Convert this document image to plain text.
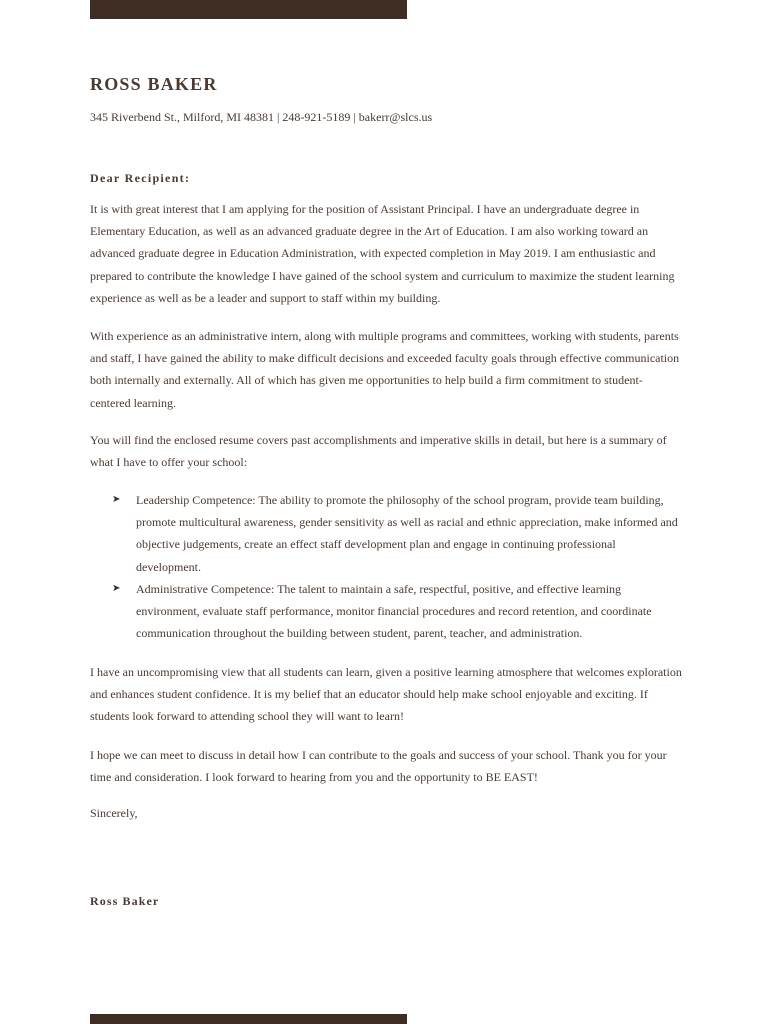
ROSS BAKER

345 Riverbend St., Milford, MI 48381 | 248-921-5189 | bakerr@slcs.us

Dear Recipient:

It is with great interest that I am applying for the position of Assistant Principal. I have an undergraduate degree in Elementary Education, as well as an advanced graduate degree in the Art of Education. I am also working toward an advanced graduate degree in Education Administration, with expected completion in May 2019. I am enthusiastic and prepared to contribute the knowledge I have gained of the school system and curriculum to maximize the student learning experience as well as be a leader and support to staff within my building.

With experience as an administrative intern, along with multiple programs and committees, working with students, parents and staff, I have gained the ability to make difficult decisions and exceeded faculty goals through effective communication both internally and externally. All of which has given me opportunities to help build a firm commitment to student-centered learning.

You will find the enclosed resume covers past accomplishments and imperative skills in detail, but here is a summary of what I have to offer your school:

➤ Leadership Competence: The ability to promote the philosophy of the school program, provide team building, promote multicultural awareness, gender sensitivity as well as racial and ethnic appreciation, make informed and objective judgements, create an effect staff development plan and engage in continuing professional development.
➤ Administrative Competence: The talent to maintain a safe, respectful, positive, and effective learning environment, evaluate staff performance, monitor financial procedures and record retention, and coordinate communication throughout the building between student, parent, teacher, and administration.

I have an uncompromising view that all students can learn, given a positive learning atmosphere that welcomes exploration and enhances student confidence. It is my belief that an educator should help make school enjoyable and exciting. If students look forward to attending school they will want to learn!

I hope we can meet to discuss in detail how I can contribute to the goals and success of your school. Thank you for your time and consideration. I look forward to hearing from you and the opportunity to BE EAST!

Sincerely,

Ross Baker
